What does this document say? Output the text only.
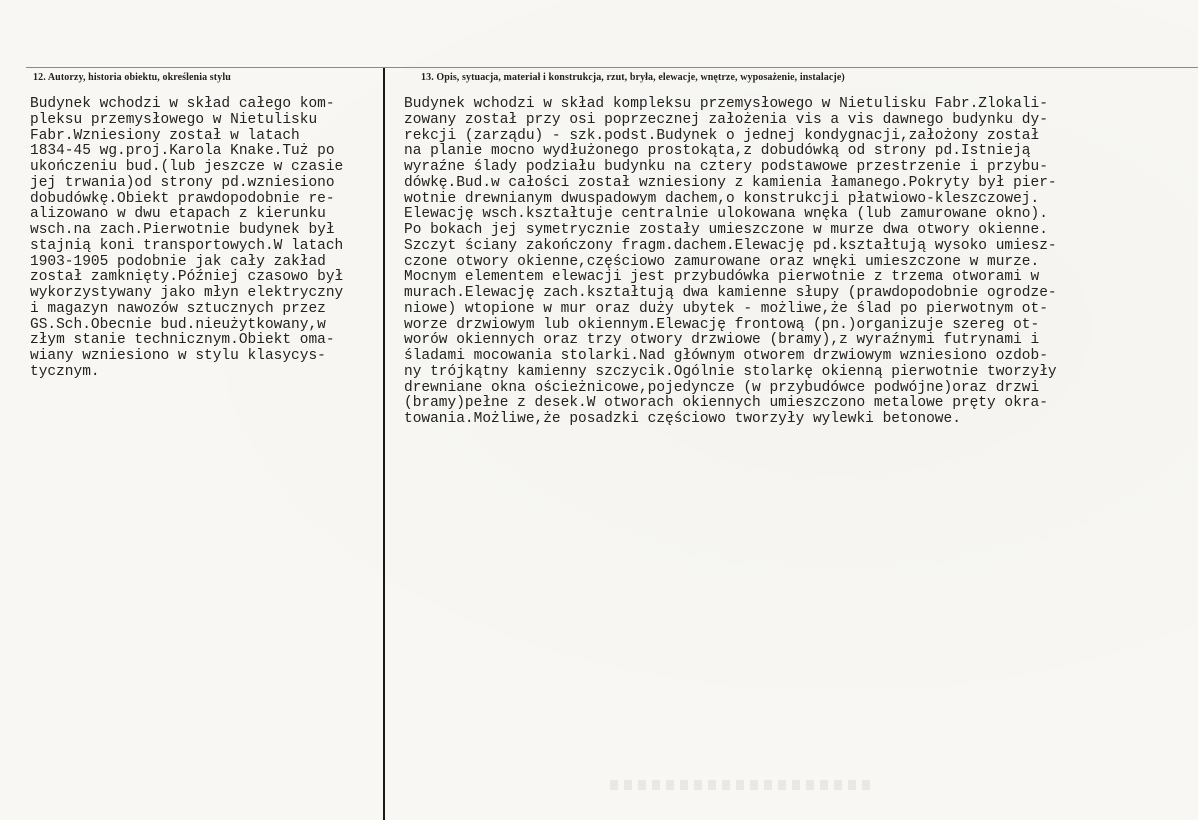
12. Autorzy, historia obiektu, określenia stylu	13. Opis, sytuacja, materiał i konstrukcja, rzut, bryła, elewacje, wnętrze, wyposażenie, instalacje)
Budynek wchodzi w skład całego kom-
pleksu przemysłowego w Nietulisku
Fabr.Wzniesiony został w latach
1834-45 wg.proj.Karola Knake.Tuż po
ukończeniu bud.(lub jeszcze w czasie
jej trwania)od strony pd.wzniesiono
dobudówkę.Obiekt prawdopodobnie re-
alizowano w dwu etapach z kierunku
wsch.na zach.Pierwotnie budynek był
stajnią koni transportowych.W latach
1903-1905 podobnie jak cały zakład
został zamknięty.Później czasowo był
wykorzystywany jako młyn elektryczny
i magazyn nawozów sztucznych przez
GS.Sch.Obecnie bud.nieużytkowany,w
złym stanie technicznym.Obiekt oma-
wiany wzniesiono w stylu klasycys-
tycznym.
Budynek wchodzi w skład kompleksu przemysłowego w Nietulisku Fabr.Zlokali-
zowany został przy osi poprzecznej założenia vis a vis dawnego budynku dy-
rekcji (zarządu) - szk.podst.Budynek o jednej kondygnacji,założony został
na planie mocno wydłużonego prostokąta,z dobudówką od strony pd.Istnieją
wyraźne ślady podziału budynku na cztery podstawowe przestrzenie i przybu-
dówkę.Bud.w całości został wzniesiony z kamienia łamanego.Pokryty był pier-
wotnie drewnianym dwuspadowym dachem,o konstrukcji płatwiowo-kleszczowej.
Elewację wsch.kształtuje centralnie ulokowana wnęka (lub zamurowane okno).
Po bokach jej symetrycznie zostały umieszczone w murze dwa otwory okienne.
Szczyt ściany zakończony fragm.dachem.Elewację pd.kształtują wysoko umiesz-
czone otwory okienne,częściowo zamurowane oraz wnęki umieszczone w murze.
Mocnym elementem elewacji jest przybudówka pierwotnie z trzema otworami w
murach.Elewację zach.kształtują dwa kamienne słupy (prawdopodobnie ogrodze-
niowe) wtopione w mur oraz duży ubytek - możliwe,że ślad po pierwotnym ot-
worze drzwiowym lub okiennym.Elewację frontową (pn.)organizuje szereg ot-
worów okiennych oraz trzy otwory drzwiowe (bramy),z wyraźnymi futrynami i
śladami mocowania stolarki.Nad głównym otworem drzwiowym wzniesiono ozdob-
ny trójkątny kamienny szczycik.Ogólnie stolarkę okienną pierwotnie tworzyły
drewniane okna ościeżnicowe,pojedyncze (w przybudówce podwójne)oraz drzwi
(bramy)pełne z desek.W otworach okiennych umieszczono metalowe pręty okra-
towania.Możliwe,że posadzki częściowo tworzyły wylewki betonowe.
